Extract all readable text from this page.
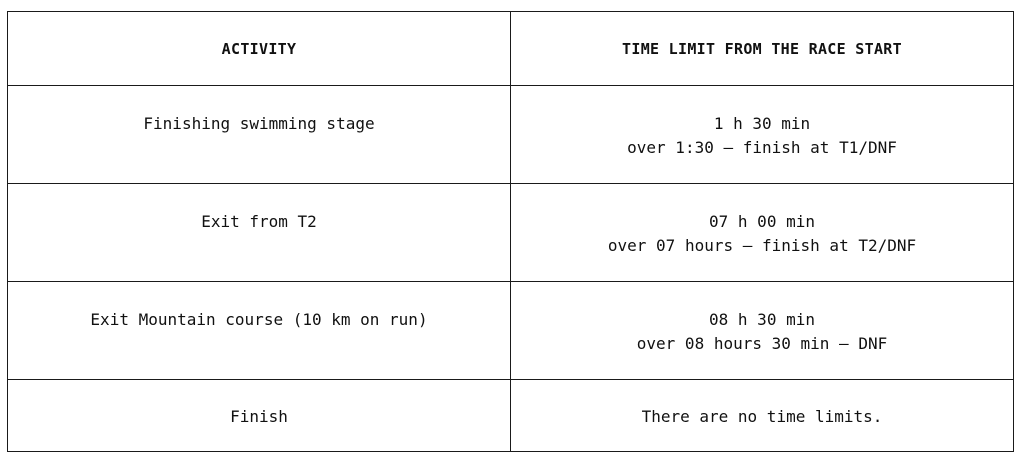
ACTIVITY	TIME LIMIT FROM THE RACE START
Finishing swimming stage	1 h 30 min
over 1:30 – finish at T1/DNF

Exit from T2	07 h 00 min
over 07 hours – finish at T2/DNF

Exit Mountain course (10 km on run)	08 h 30 min
over 08 hours 30 min – DNF

Finish	There are no time limits.
